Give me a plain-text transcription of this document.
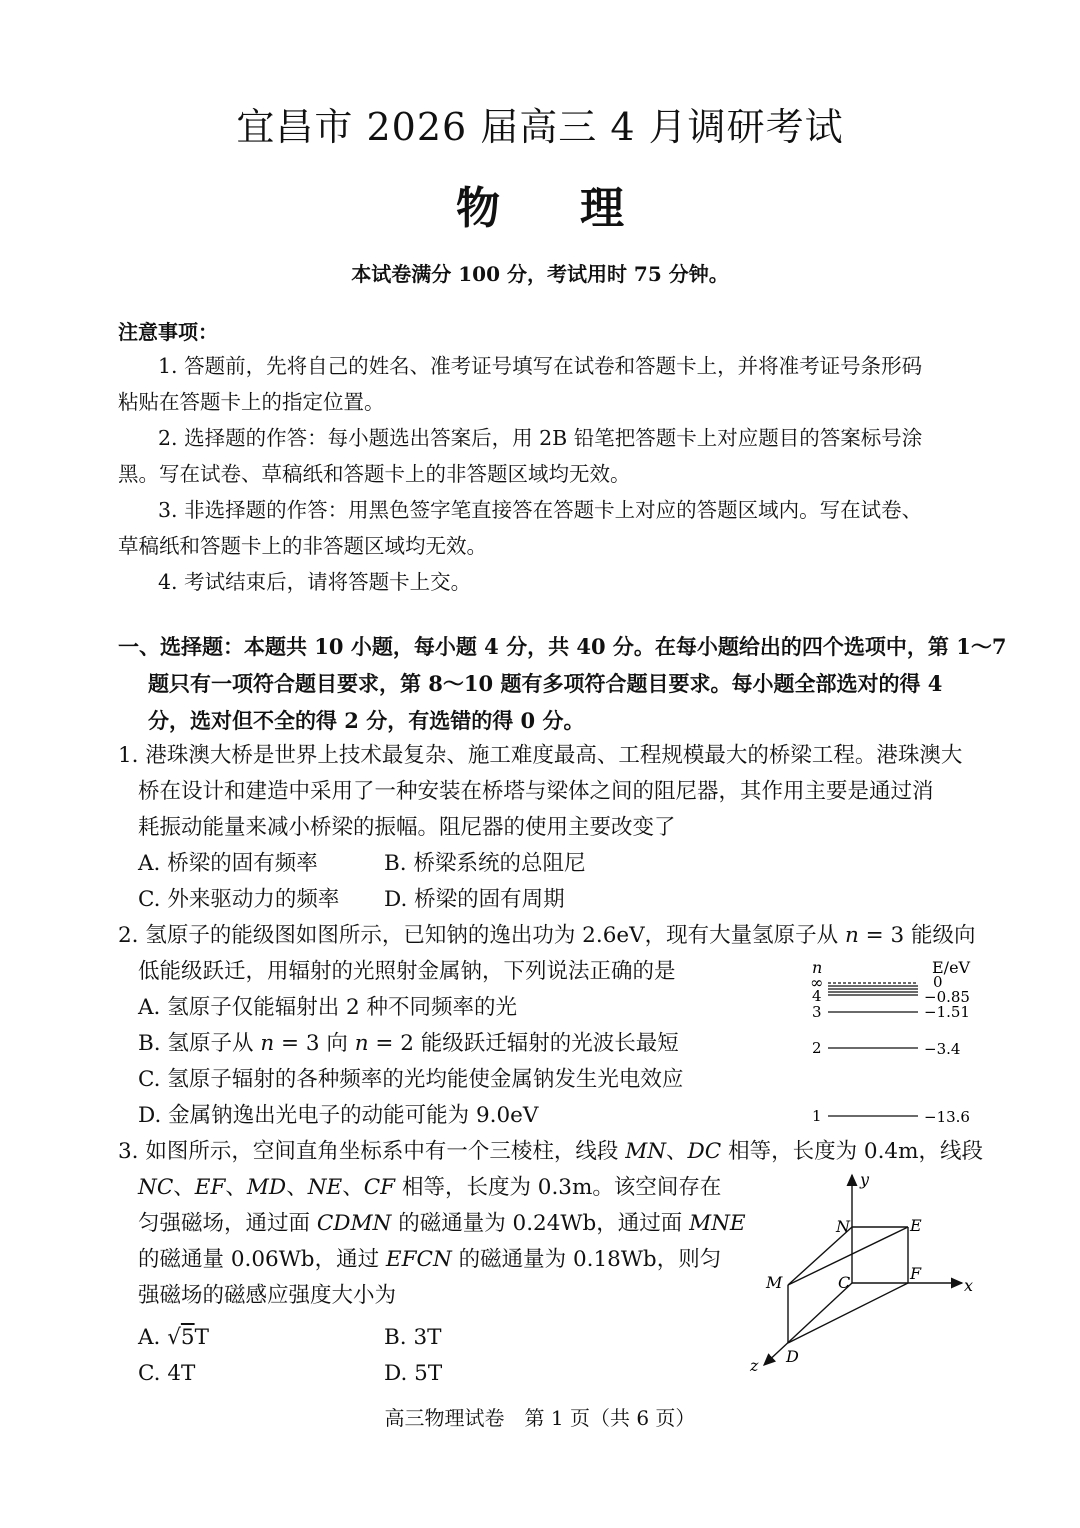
宜昌市 2026 届高三 4 月调研考试
物理
本试卷满分 100 分，考试用时 75 分钟。
注意事项：
1. 答题前，先将自己的姓名、准考证号填写在试卷和答题卡上，并将准考证号条形码
粘贴在答题卡上的指定位置。
2. 选择题的作答：每小题选出答案后，用 2B 铅笔把答题卡上对应题目的答案标号涂
黑。写在试卷、草稿纸和答题卡上的非答题区域均无效。
3. 非选择题的作答：用黑色签字笔直接答在答题卡上对应的答题区域内。写在试卷、
草稿纸和答题卡上的非答题区域均无效。
4. 考试结束后，请将答题卡上交。
一、选择题：本题共 10 小题，每小题 4 分，共 40 分。在每小题给出的四个选项中，第 1～7
题只有一项符合题目要求，第 8～10 题有多项符合题目要求。每小题全部选对的得 4
分，选对但不全的得 2 分，有选错的得 0 分。
1. 港珠澳大桥是世界上技术最复杂、施工难度最高、工程规模最大的桥梁工程。港珠澳大
桥在设计和建造中采用了一种安装在桥塔与梁体之间的阻尼器，其作用主要是通过消
耗振动能量来减小桥梁的振幅。阻尼器的使用主要改变了
A. 桥梁的固有频率	B. 桥梁系统的总阻尼
C. 外来驱动力的频率 D. 桥梁的固有周期
2. 氢原子的能级图如图所示，已知钠的逸出功为 2.6eV，现有大量氢原子从 n = 3 能级向
低能级跃迁，用辐射的光照射金属钠，下列说法正确的是
A. 氢原子仅能辐射出 2 种不同频率的光
B. 氢原子从 n = 3 向 n = 2 能级跃迁辐射的光波长最短
C. 氢原子辐射的各种频率的光均能使金属钠发生光电效应
D. 金属钠逸出光电子的动能可能为 9.0eV
n	E/eV
∞	0
4	−0.85
3	−1.51
2	−3.4
1	−13.6
3. 如图所示，空间直角坐标系中有一个三棱柱，线段 MN、DC 相等，长度为 0.4m，线段
NC、EF、MD、NE、CF 相等，长度为 0.3m。该空间存在
匀强磁场，通过面 CDMN 的磁通量为 0.24Wb，通过面 MNE
的磁通量 0.06Wb，通过 EFCN 的磁通量为 0.18Wb，则匀
强磁场的磁感应强度大小为
A. √5T	B. 3T
C. 4T	D. 5T
y
x
z
N	E
M	C	F
D
高三物理试卷　第 1 页（共 6 页）
